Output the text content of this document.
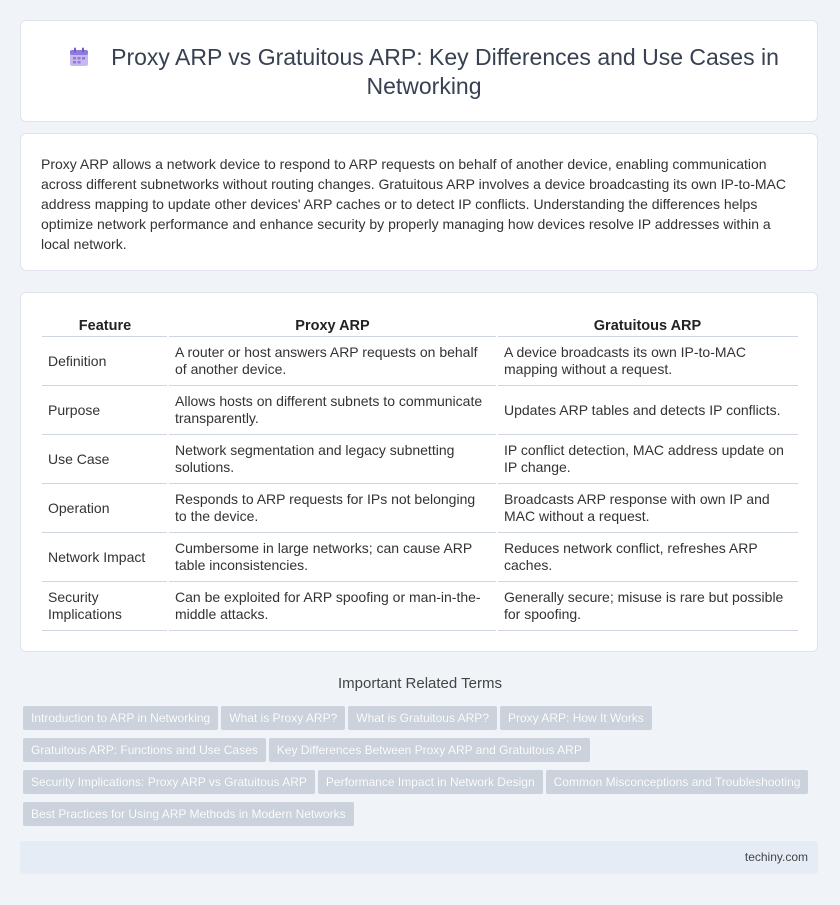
Proxy ARP vs Gratuitous ARP: Key Differences and Use Cases in Networking
Proxy ARP allows a network device to respond to ARP requests on behalf of another device, enabling communication across different subnetworks without routing changes. Gratuitous ARP involves a device broadcasting its own IP-to-MAC address mapping to update other devices' ARP caches or to detect IP conflicts. Understanding the differences helps optimize network performance and enhance security by properly managing how devices resolve IP addresses within a local network.
Feature	Proxy ARP	Gratuitous ARP
Definition	A router or host answers ARP requests on behalf of another device.	A device broadcasts its own IP-to-MAC mapping without a request.
Purpose	Allows hosts on different subnets to communicate transparently.	Updates ARP tables and detects IP conflicts.
Use Case	Network segmentation and legacy subnetting solutions.	IP conflict detection, MAC address update on IP change.
Operation	Responds to ARP requests for IPs not belonging to the device.	Broadcasts ARP response with own IP and MAC without a request.
Network Impact	Cumbersome in large networks; can cause ARP table inconsistencies.	Reduces network conflict, refreshes ARP caches.
Security Implications	Can be exploited for ARP spoofing or man-in-the-middle attacks.	Generally secure; misuse is rare but possible for spoofing.
Important Related Terms
Introduction to ARP in Networking What is Proxy ARP? What is Gratuitous ARP? Proxy ARP: How It Works
Gratuitous ARP: Functions and Use Cases Key Differences Between Proxy ARP and Gratuitous ARP
Security Implications: Proxy ARP vs Gratuitous ARP Performance Impact in Network Design Common Misconceptions and Troubleshooting
Best Practices for Using ARP Methods in Modern Networks
techiny.com
